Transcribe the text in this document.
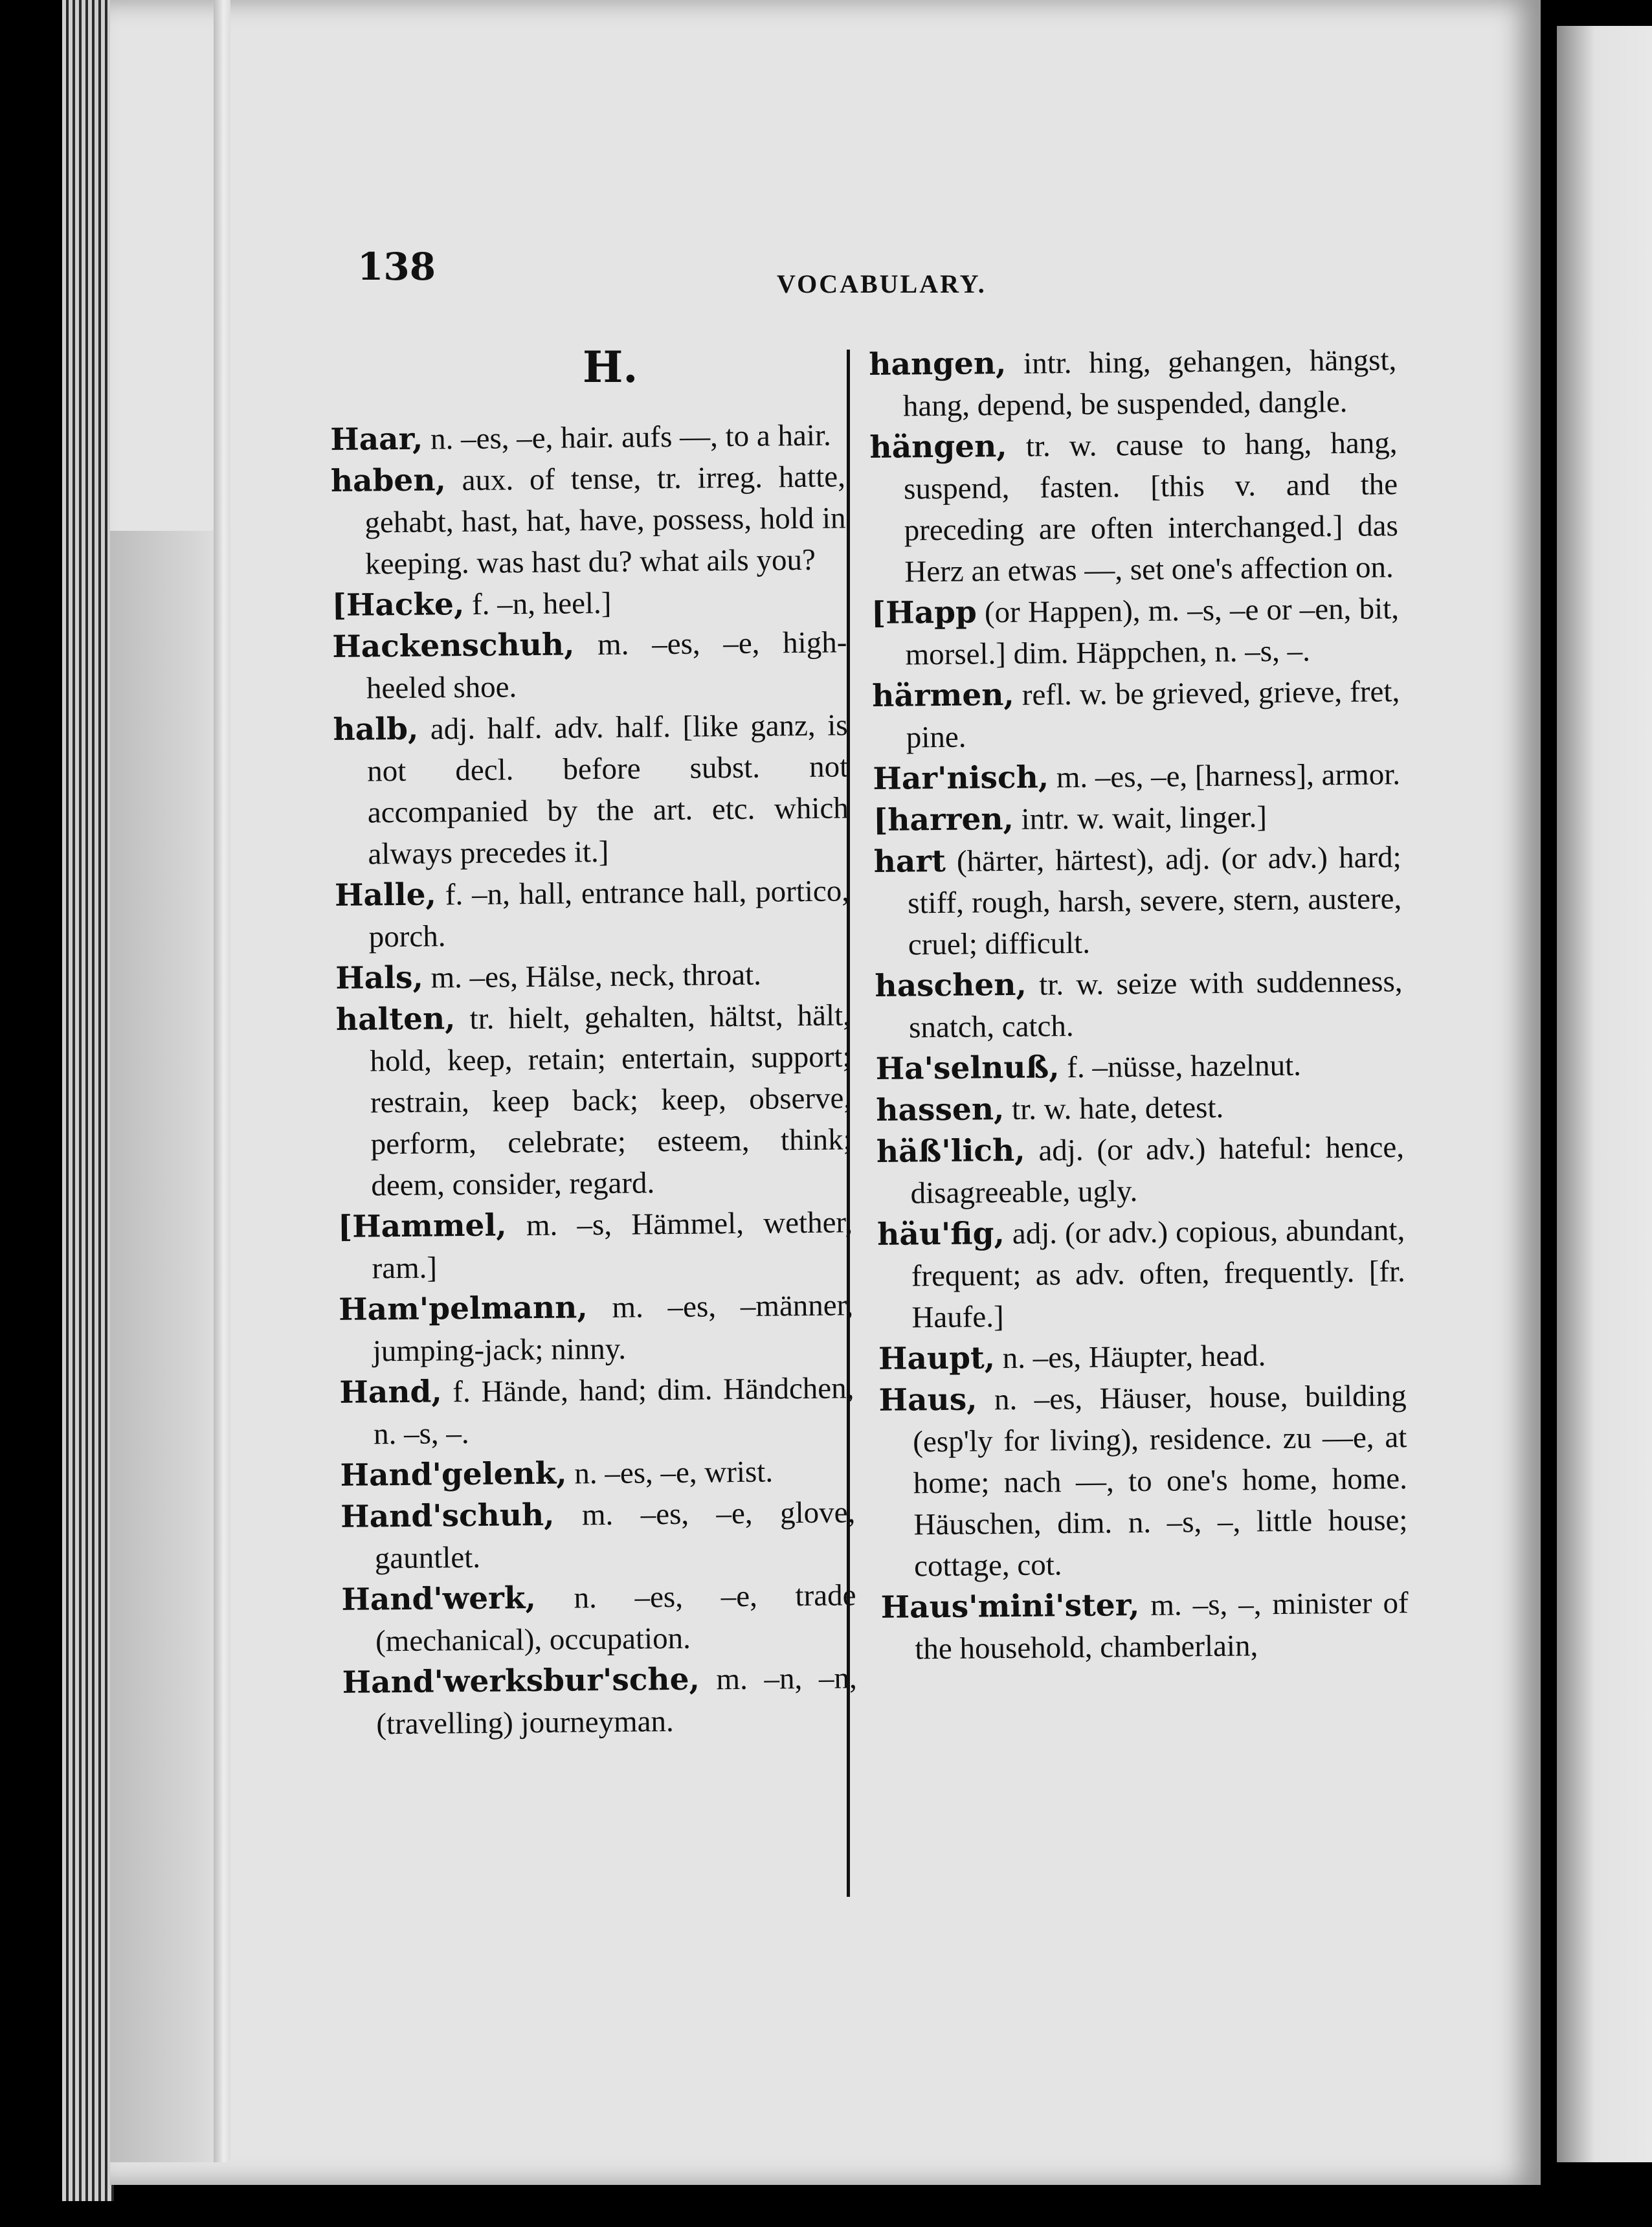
138	VOCABULARY.
H.

Haar, n. –es, –e, hair. aufs —, to a hair.

haben, aux. of tense, tr. irreg. hatte, gehabt, hast, hat, have, possess, hold in keeping. was hast du? what ails you?

[Hacke, f. –n, heel.]

Hackenschuh, m. –es, –e, high-heeled shoe.

halb, adj. half. adv. half. [like ganz, is not decl. before subst. not accompanied by the art. etc. which always precedes it.]

Halle, f. –n, hall, entrance hall, portico, porch.

Hals, m. –es, Hälse, neck, throat.

halten, tr. hielt, gehalten, hältst, hält, hold, keep, retain; entertain, support; restrain, keep back; keep, observe, perform, celebrate; esteem, think; deem, consider, regard.

[Hammel, m. –s, Hämmel, wether, ram.]

Ham'pelmann, m. –es, –männer, jumping-jack; ninny.

Hand, f. Hände, hand; dim. Händchen, n. –s, –.

Hand'gelenk, n. –es, –e, wrist.

Hand'schuh, m. –es, –e, glove, gauntlet.

Hand'werk, n. –es, –e, trade (mechanical), occupation.

Hand'werksbur'sche, m. –n, –n, (travelling) journeyman.

hangen, intr. hing, gehangen, hängst, hang, depend, be suspended, dangle.

hängen, tr. w. cause to hang, hang, suspend, fasten. [this v. and the preceding are often interchanged.] das Herz an etwas —, set one's affection on.

[Happ (or Happen), m. –s, –e or –en, bit, morsel.] dim. Häppchen, n. –s, –.

härmen, refl. w. be grieved, grieve, fret, pine.

Har'nisch, m. –es, –e, [harness], armor.

[harren, intr. w. wait, linger.]

hart (härter, härtest), adj. (or adv.) hard; stiff, rough, harsh, severe, stern, austere, cruel; difficult.

haschen, tr. w. seize with suddenness, snatch, catch.

Ha'selnuß, f. –nüsse, hazelnut.

hassen, tr. w. hate, detest.

häß'lich, adj. (or adv.) hateful: hence, disagreeable, ugly.

häu'fig, adj. (or adv.) copious, abundant, frequent; as adv. often, frequently. [fr. Haufe.]

Haupt, n. –es, Häupter, head.

Haus, n. –es, Häuser, house, building (esp'ly for living), residence. zu —e, at home; nach —, to one's home, home. Häuschen, dim. n. –s, –, little house; cottage, cot.

Haus'mini'ster, m. –s, –, minister of the household, chamberlain,
